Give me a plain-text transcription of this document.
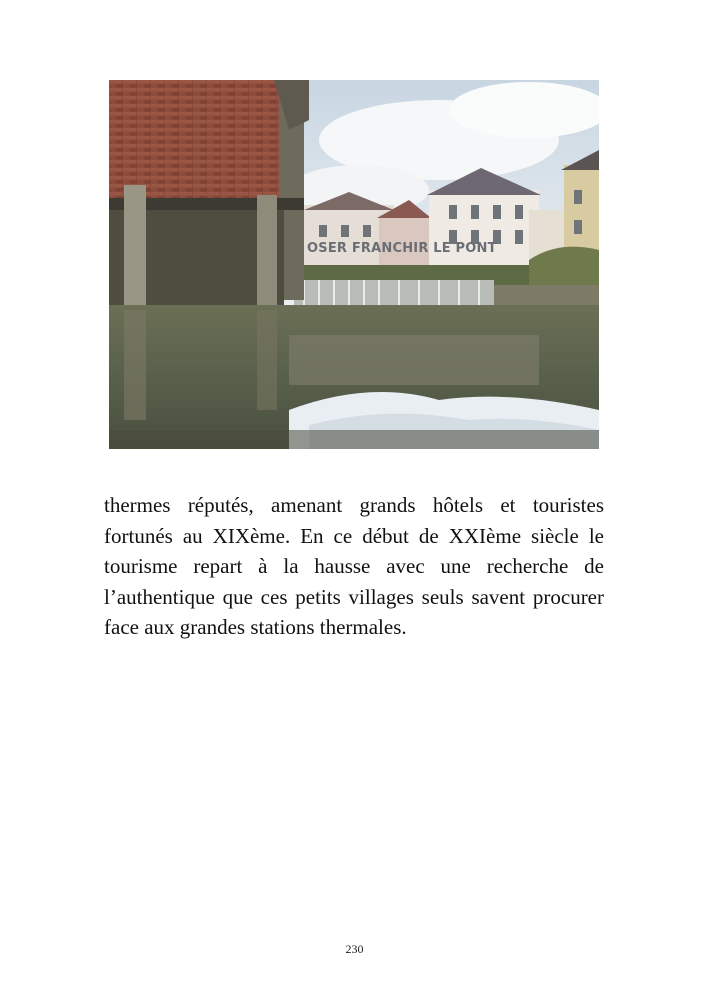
OSER FRANCHIR LE PONT

thermes réputés, amenant grands hôtels et touristes fortunés au XIXème. En ce début de XXIème siècle le tourisme repart à la hausse avec une recherche de l’authentique que ces petits villages seuls savent procurer face aux grandes stations thermales.

230
